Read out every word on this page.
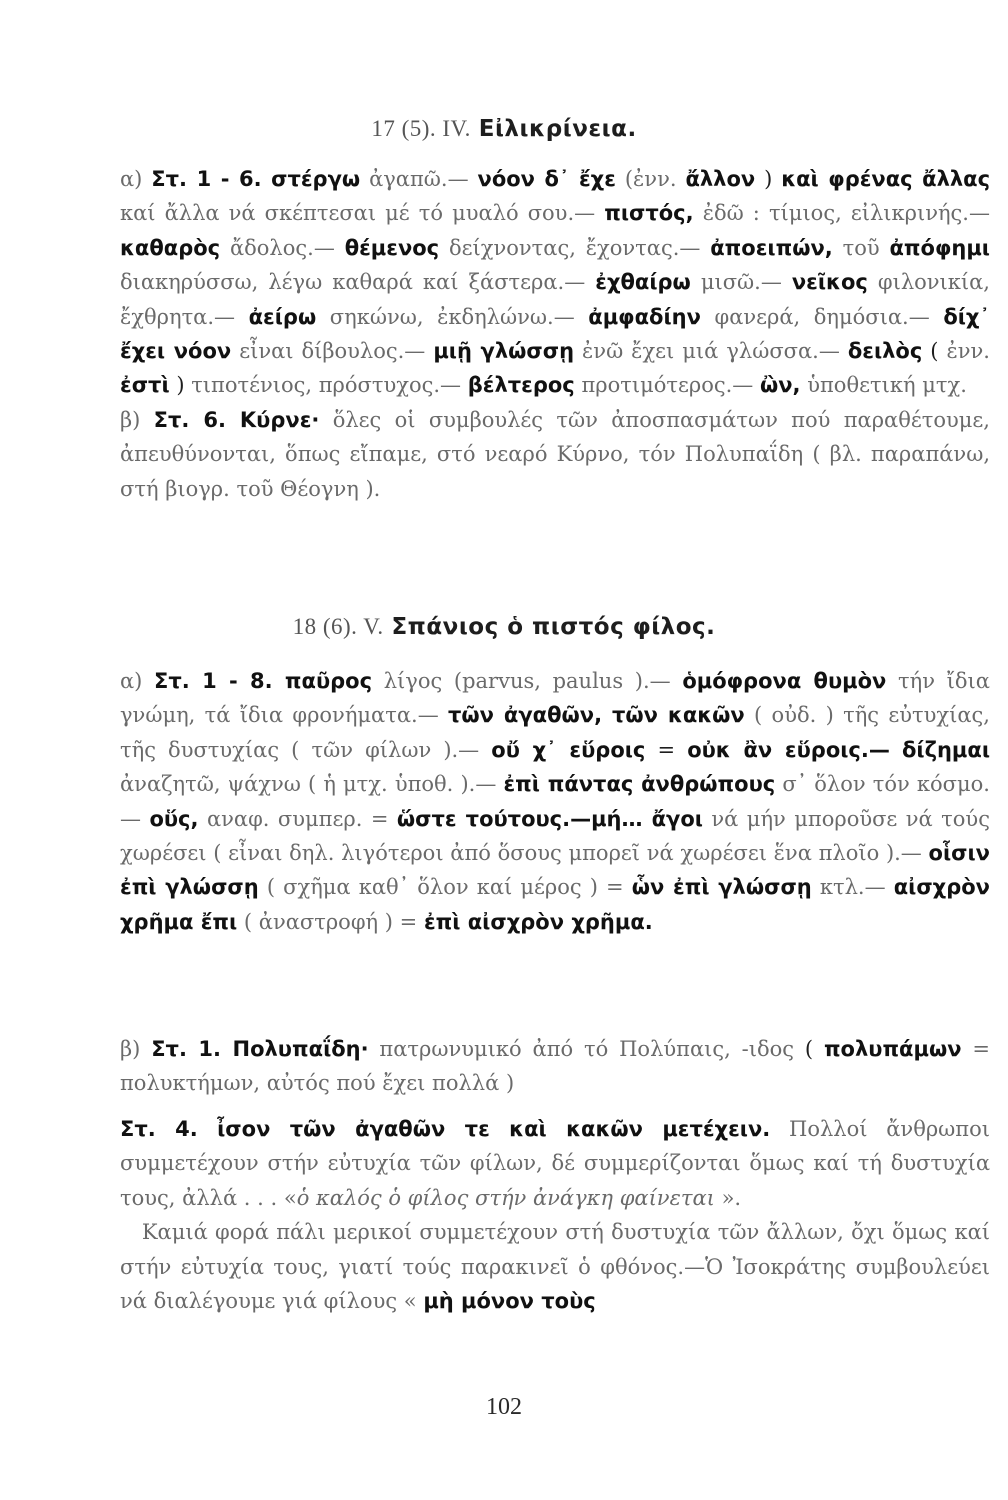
17 (5). IV. Εἰλικρίνεια.
α) Στ. 1 - 6. στέργω ἀγαπῶ.— νόον δ᾽ ἔχε (ἐνν. ἄλλον ) καὶ φρένας ἄλλας καί ἄλλα νά σκέπτεσαι μέ τό μυαλό σου.— πιστός, ἐδῶ : τίμιος, εἰλικρινής.— καθαρὸς ἄδολος.— θέμενος δείχνοντας, ἔχοντας.— ἀποειπών, τοῦ ἀπόφημι διακηρύσσω, λέγω καθαρά καί ξάστερα.— ἐχθαίρω μισῶ.— νεῖκος φιλονικία, ἔχθρητα.— ἀείρω σηκώνω, ἐκδηλώνω.— ἀμφαδίην φανερά, δημόσια.— δίχ᾽ ἔχει νόον εἶναι δίβουλος.— μιῇ γλώσσῃ ἐνῶ ἔχει μιά γλώσσα.— δειλὸς ( ἐνν. ἐστὶ ) τιποτένιος, πρόστυχος.— βέλτερος προτιμότερος.— ὢν, ὑποθετική μτχ.
β) Στ. 6. Κύρνε· ὅλες οἱ συμβουλές τῶν ἀποσπασμάτων πού παραθέτουμε, ἀπευθύνονται, ὅπως εἴπαμε, στό νεαρό Κύρνο, τόν Πολυπαΐδη ( βλ. παραπάνω, στή βιογρ. τοῦ Θέογνη ).
18 (6). V. Σπάνιος ὁ πιστός φίλος.
α) Στ. 1 - 8. παῦρος λίγος (parvus, paulus ).— ὁμόφρονα θυμὸν τήν ἴδια γνώμη, τά ἴδια φρονήματα.— τῶν ἀγαθῶν, τῶν κακῶν ( οὐδ. ) τῆς εὐτυχίας, τῆς δυστυχίας ( τῶν φίλων ).— οὔ χ᾽ εὕροις = οὐκ ἂν εὕροις.— δίζημαι ἀναζητῶ, ψάχνω ( ἡ μτχ. ὑποθ. ).— ἐπὶ πάντας ἀνθρώπους σ᾽ ὅλον τόν κόσμο.— οὕς, αναφ. συμπερ. = ὥστε τούτους.—μή… ἄγοι νά μήν μποροῦσε νά τούς χωρέσει ( εἶναι δηλ. λιγότεροι ἀπό ὅσους μπορεῖ νά χωρέσει ἕνα πλοῖο ).— οἷσιν ἐπὶ γλώσσῃ ( σχῆμα καθ᾽ ὅλον καί μέρος ) = ὧν ἐπὶ γλώσσῃ κτλ.— αἰσχρὸν χρῆμα ἔπι ( ἀναστροφή ) = ἐπὶ αἰσχρὸν χρῆμα.
β) Στ. 1. Πολυπαΐδη· πατρωνυμικό ἀπό τό Πολύπαις, -ιδος ( πολυπάμων = πολυκτήμων, αὐτός πού ἔχει πολλά )
Στ. 4. ἶσον τῶν ἀγαθῶν τε καὶ κακῶν μετέχειν. Πολλοί ἄνθρωποι συμμετέχουν στήν εὐτυχία τῶν φίλων, δέ συμμερίζονται ὅμως καί τή δυστυχία τους, ἀλλά . . . «ὁ καλός ὁ φίλος στήν ἀνάγκη φαίνεται ».
Καμιά φορά πάλι μερικοί συμμετέχουν στή δυστυχία τῶν ἄλλων, ὄχι ὅμως καί στήν εὐτυχία τους, γιατί τούς παρακινεῖ ὁ φθόνος.—Ὁ Ἰσοκράτης συμβουλεύει νά διαλέγουμε γιά φίλους « μὴ μόνον τοὺς
102
